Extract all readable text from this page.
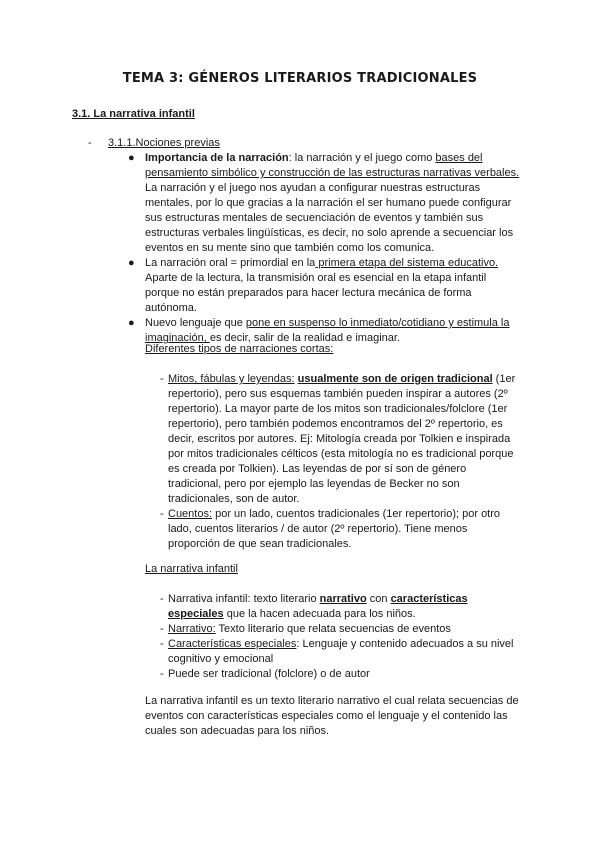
TEMA 3: GÉNEROS LITERARIOS TRADICIONALES
3.1. La narrativa infantil
- 3.1.1.Nociones previas
● Importancia de la narración: la narración y el juego como bases del pensamiento simbólico y construcción de las estructuras narrativas verbales. La narración y el juego nos ayudan a configurar nuestras estructuras mentales, por lo que gracias a la narración el ser humano puede configurar sus estructuras mentales de secuenciación de eventos y también sus estructuras verbales lingüísticas, es decir, no solo aprende a secuenciar los eventos en su mente sino que también como los comunica.
● La narración oral = primordial en la primera etapa del sistema educativo. Aparte de la lectura, la transmisión oral es esencial en la etapa infantil porque no están preparados para hacer lectura mecánica de forma autónoma.
● Nuevo lenguaje que pone en suspenso lo inmediato/cotidiano y estimula la imaginación, es decir, salir de la realidad e imaginar.
Diferentes tipos de narraciones cortas:
- Mitos, fábulas y leyendas: usualmente son de origen tradicional (1er repertorio), pero sus esquemas también pueden inspirar a autores (2º repertorio). La mayor parte de los mitos son tradicionales/folclore (1er repertorio), pero también podemos encontramos del 2º repertorio, es decir, escritos por autores. Ej: Mitología creada por Tolkien e inspirada por mitos tradicionales célticos (esta mitología no es tradicional porque es creada por Tolkien). Las leyendas de por sí son de género tradicional, pero por ejemplo las leyendas de Becker no son tradicionales, son de autor.
- Cuentos: por un lado, cuentos tradicionales (1er repertorio); por otro lado, cuentos literarios / de autor (2º repertorio). Tiene menos proporción de que sean tradicionales.
La narrativa infantil
- Narrativa infantil: texto literario narrativo con características especiales que la hacen adecuada para los niños.
- Narrativo: Texto literario que relata secuencias de eventos
- Características especiales: Lenguaje y contenido adecuados a su nivel cognitivo y emocional
- Puede ser tradicional (folclore) o de autor

La narrativa infantil es un texto literario narrativo el cual relata secuencias de eventos con características especiales como el lenguaje y el contenido las cuales son adecuadas para los niños.
